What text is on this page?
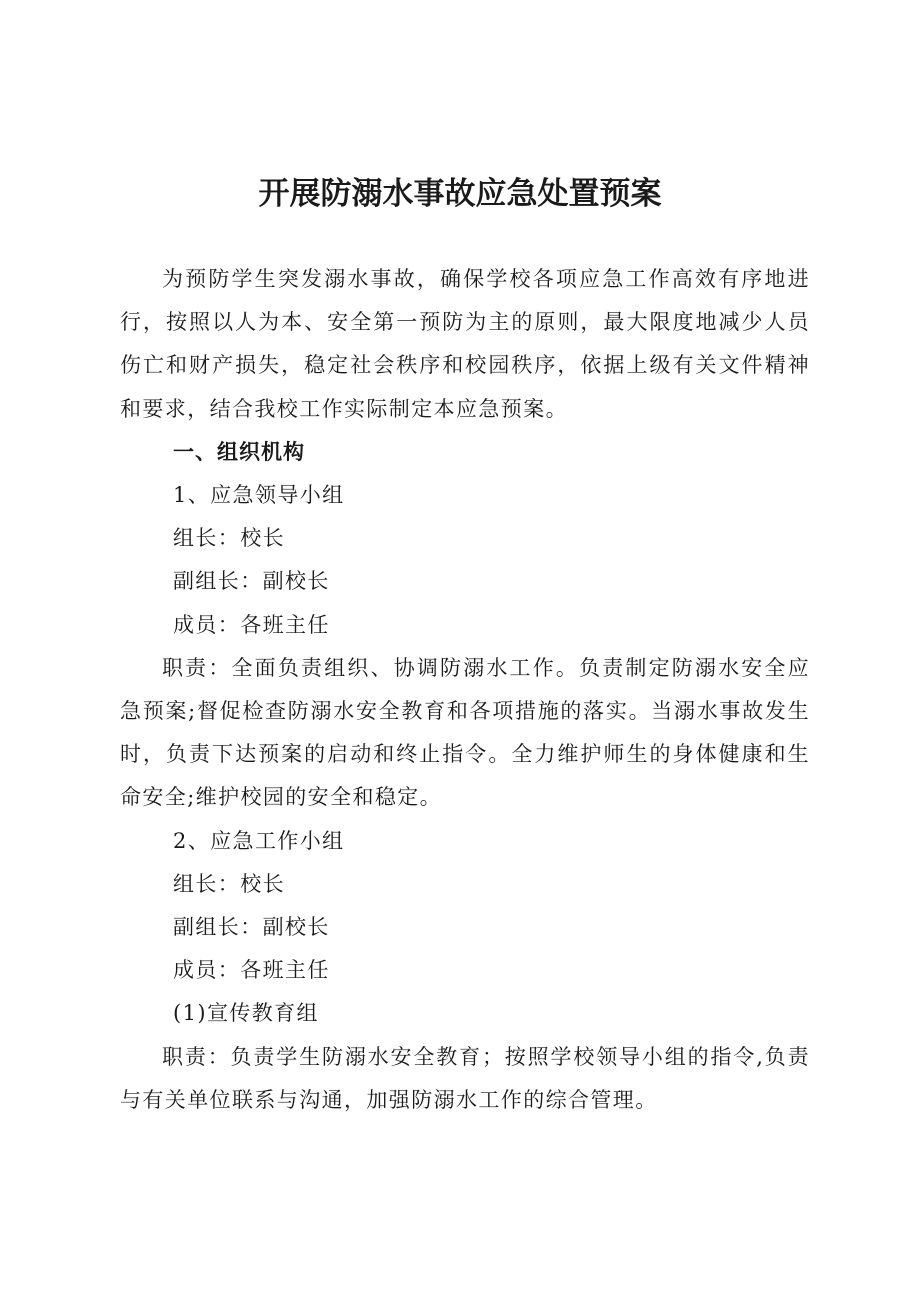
开展防溺水事故应急处置预案

为预防学生突发溺水事故，确保学校各项应急工作高效有序地进行，按照以人为本、安全第一预防为主的原则，最大限度地减少人员伤亡和财产损失，稳定社会秩序和校园秩序，依据上级有关文件精神和要求，结合我校工作实际制定本应急预案。

一、组织机构

1、应急领导小组

组长：校长

副组长：副校长

成员：各班主任

职责：全面负责组织、协调防溺水工作。负责制定防溺水安全应急预案;督促检查防溺水安全教育和各项措施的落实。当溺水事故发生时，负责下达预案的启动和终止指令。全力维护师生的身体健康和生命安全;维护校园的安全和稳定。

2、应急工作小组

组长：校长

副组长：副校长

成员：各班主任

(1)宣传教育组

职责：负责学生防溺水安全教育；按照学校领导小组的指令,负责与有关单位联系与沟通，加强防溺水工作的综合管理。
